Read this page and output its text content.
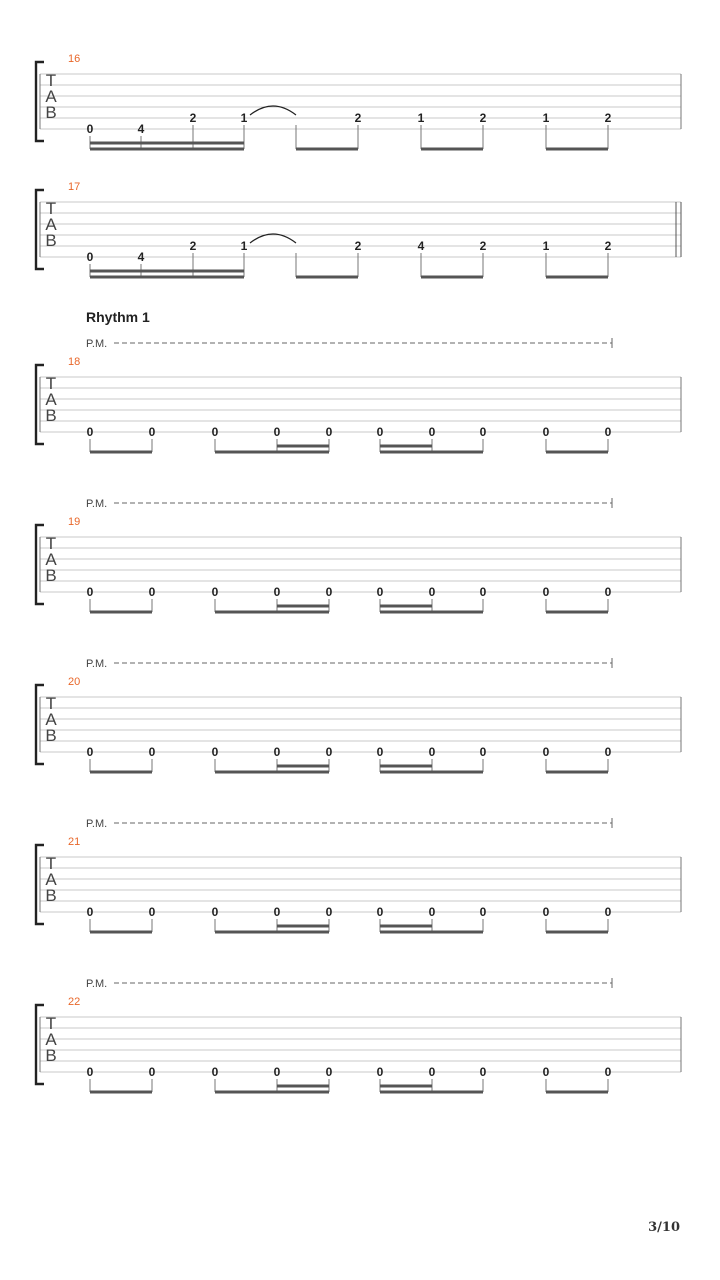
16
T
A
B
0	4
2	1	2	1	2	1	2
17
T
A
B
0	4
2	1	2	4	2	1	2
18
T
A
B
P.M.
0	0	0	0	0	0	0	0	0	0
19
T
A
B
P.M.
0	0	0	0	0	0	0	0	0	0
20
T
A
B
P.M.
0	0	0	0	0	0	0	0	0	0
21
T
A
B
P.M.
0	0	0	0	0	0	0	0	0	0
22
T
A
B
P.M.
0	0	0	0	0	0	0	0	0	0
Rhythm 1
3/10
